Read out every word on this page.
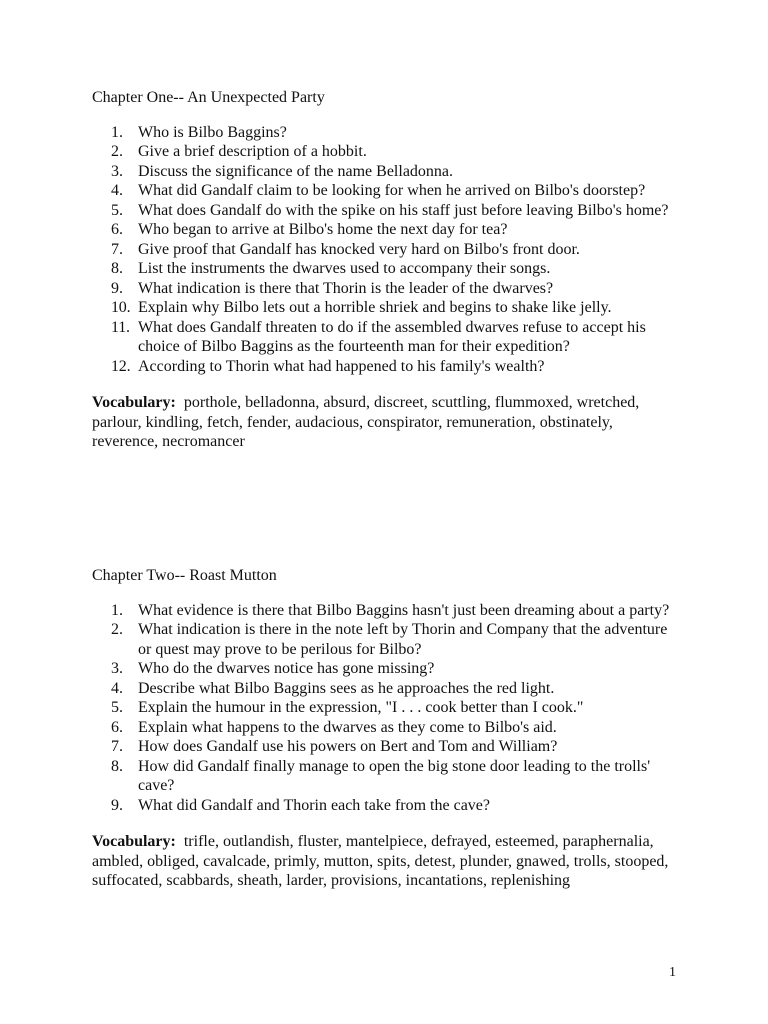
Chapter One-- An Unexpected Party
1. Who is Bilbo Baggins?
2. Give a brief description of a hobbit.
3. Discuss the significance of the name Belladonna.
4. What did Gandalf claim to be looking for when he arrived on Bilbo's doorstep?
5. What does Gandalf do with the spike on his staff just before leaving Bilbo's home?
6. Who began to arrive at Bilbo's home the next day for tea?
7. Give proof that Gandalf has knocked very hard on Bilbo's front door.
8. List the instruments the dwarves used to accompany their songs.
9. What indication is there that Thorin is the leader of the dwarves?
10. Explain why Bilbo lets out a horrible shriek and begins to shake like jelly.
11. What does Gandalf threaten to do if the assembled dwarves refuse to accept his choice of Bilbo Baggins as the fourteenth man for their expedition?
12. According to Thorin what had happened to his family's wealth?

Vocabulary: porthole, belladonna, absurd, discreet, scuttling, flummoxed, wretched, parlour, kindling, fetch, fender, audacious, conspirator, remuneration, obstinately, reverence, necromancer

Chapter Two-- Roast Mutton
1. What evidence is there that Bilbo Baggins hasn't just been dreaming about a party?
2. What indication is there in the note left by Thorin and Company that the adventure or quest may prove to be perilous for Bilbo?
3. Who do the dwarves notice has gone missing?
4. Describe what Bilbo Baggins sees as he approaches the red light.
5. Explain the humour in the expression, "I . . . cook better than I cook."
6. Explain what happens to the dwarves as they come to Bilbo's aid.
7. How does Gandalf use his powers on Bert and Tom and William?
8. How did Gandalf finally manage to open the big stone door leading to the trolls' cave?
9. What did Gandalf and Thorin each take from the cave?

Vocabulary: trifle, outlandish, fluster, mantelpiece, defrayed, esteemed, paraphernalia, ambled, obliged, cavalcade, primly, mutton, spits, detest, plunder, gnawed, trolls, stooped, suffocated, scabbards, sheath, larder, provisions, incantations, replenishing

1
